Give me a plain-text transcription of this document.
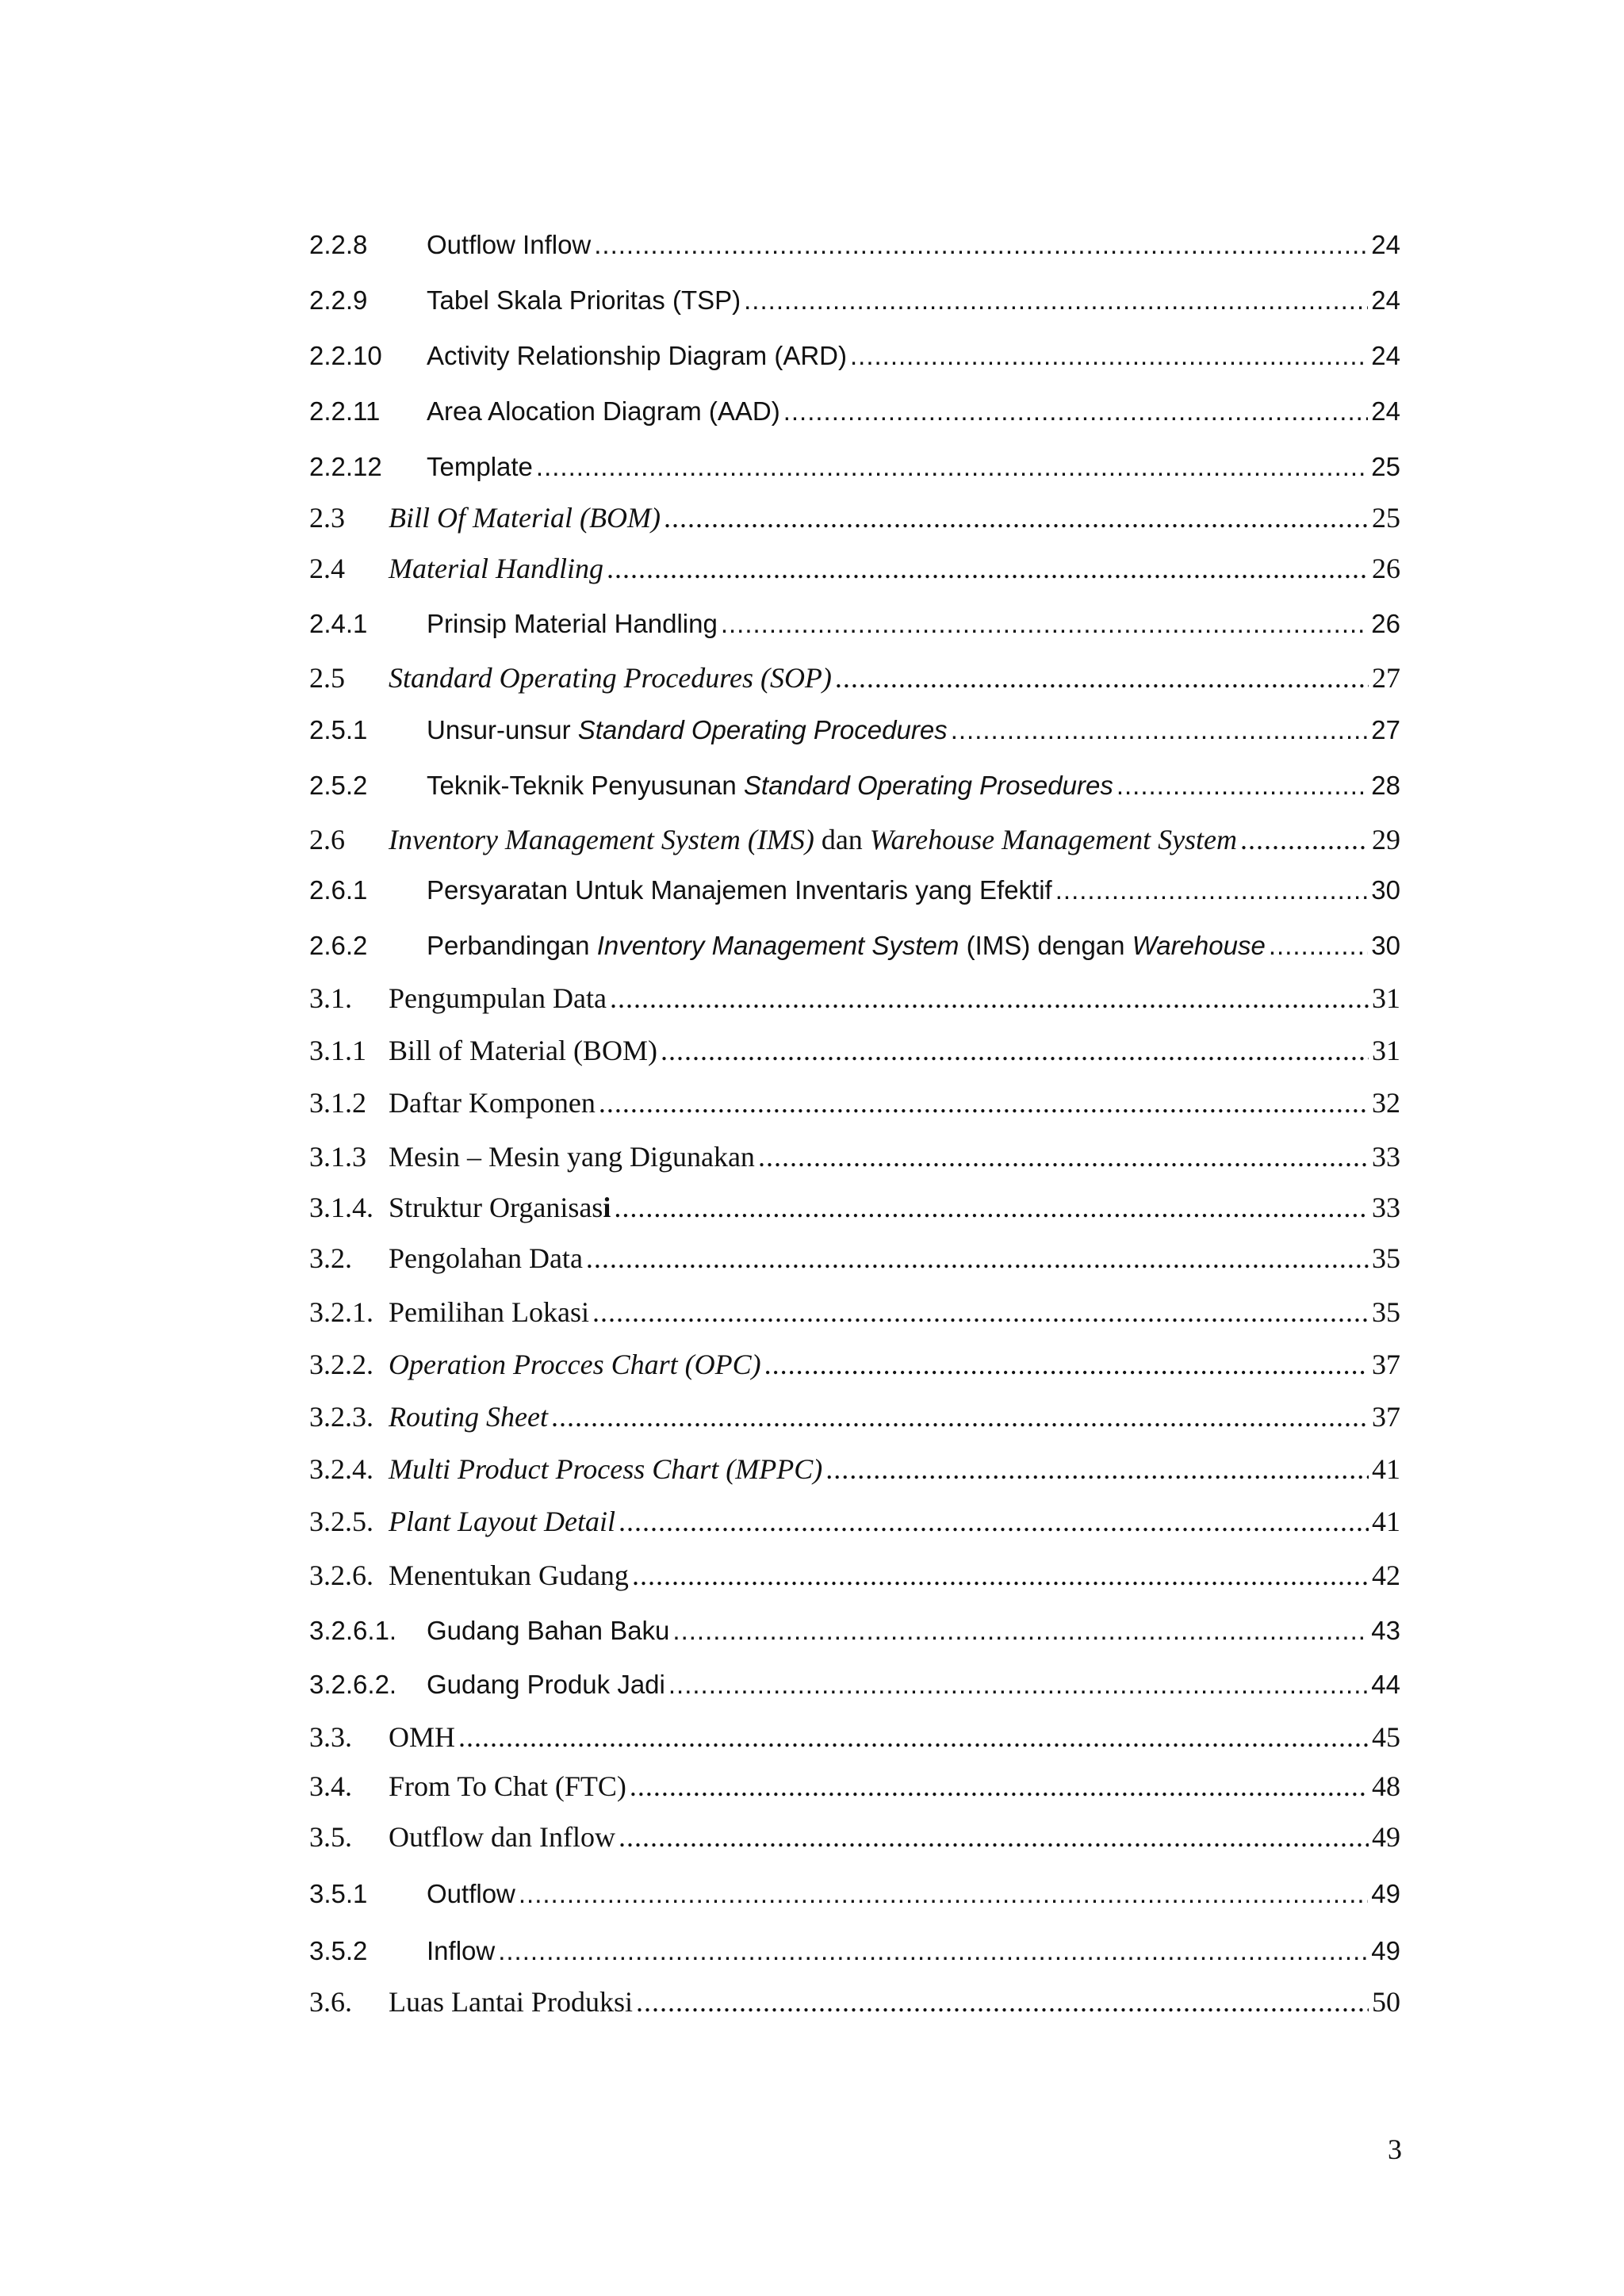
2.2.8	Outflow Inflow .....	24
2.2.9	Tabel Skala Prioritas (TSP) .....	24
2.2.10	Activity Relationship Diagram (ARD) .....	24
2.2.11	Area Alocation Diagram (AAD) .....	24
2.2.12	Template .....	25
2.3	Bill Of Material (BOM) .....	25
2.4	Material Handling .....	26
2.4.1	Prinsip Material Handling .....	26
2.5	Standard Operating Procedures (SOP) .....	27
2.5.1	Unsur-unsur Standard Operating Procedures .....	27
2.5.2	Teknik-Teknik Penyusunan Standard Operating Prosedures .....	28
2.6	Inventory Management System (IMS) dan Warehouse Management System .....	29
2.6.1	Persyaratan Untuk Manajemen Inventaris yang Efektif .....	30
2.6.2	Perbandingan Inventory Management System (IMS) dengan Warehouse .....	30
3.1.	Pengumpulan Data .....	31
3.1.1 Bill of Material (BOM) .....	31
3.1.2 Daftar Komponen .....	32
3.1.3 Mesin – Mesin yang Digunakan .....	33
3.1.4. Struktur Organisasi .....	33
3.2.	Pengolahan Data .....	35
3.2.1. Pemilihan Lokasi .....	35
3.2.2. Operation Procces Chart (OPC) .....	37
3.2.3. Routing Sheet .....	37
3.2.4. Multi Product Process Chart (MPPC) .....	41
3.2.5. Plant Layout Detail .....	41
3.2.6. Menentukan Gudang .....	42
3.2.6.1.	Gudang Bahan Baku .....	43
3.2.6.2.	Gudang Produk Jadi .....	44
3.3.	OMH .....	45
3.4.	From To Chat (FTC) .....	48
3.5.	Outflow dan Inflow .....	49
3.5.1	Outflow .....	49
3.5.2	Inflow .....	49
3.6.	Luas Lantai Produksi .....	50
3
